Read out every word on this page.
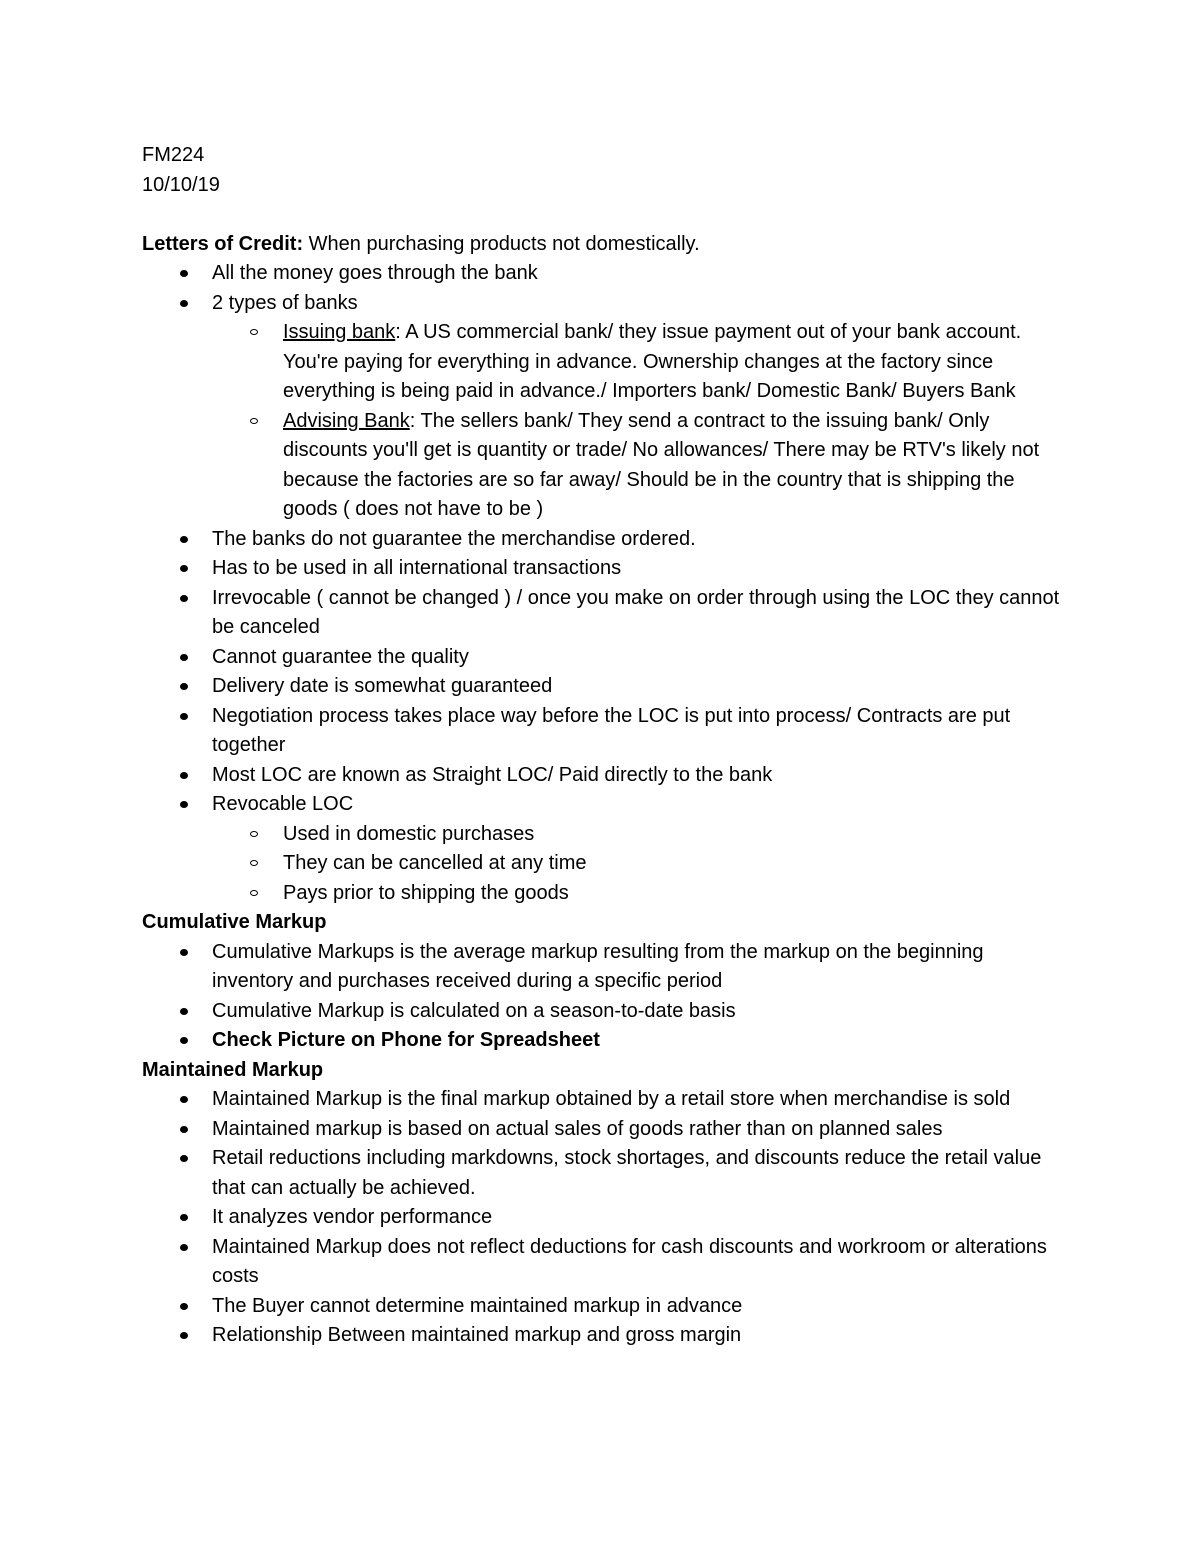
FM224

10/10/19

Letters of Credit: When purchasing products not domestically.

All the money goes through the bank
2 types of banks
Issuing bank: A US commercial bank/ they issue payment out of your bank account. You're paying for everything in advance. Ownership changes at the factory since everything is being paid in advance./ Importers bank/ Domestic Bank/ Buyers Bank
Advising Bank: The sellers bank/ They send a contract to the issuing bank/ Only discounts you'll get is quantity or trade/ No allowances/ There may be RTV's likely not because the factories are so far away/ Should be in the country that is shipping the goods ( does not have to be )
The banks do not guarantee the merchandise ordered.
Has to be used in all international transactions
Irrevocable ( cannot be changed ) / once you make on order through using the LOC they cannot be canceled
Cannot guarantee the quality
Delivery date is somewhat guaranteed
Negotiation process takes place way before the LOC is put into process/ Contracts are put together
Most LOC are known as Straight LOC/ Paid directly to the bank
Revocable LOC
Used in domestic purchases
They can be cancelled at any time
Pays prior to shipping the goods

Cumulative Markup

Cumulative Markups is the average markup resulting from the markup on the beginning inventory and purchases received during a specific period
Cumulative Markup is calculated on a season-to-date basis
Check Picture on Phone for Spreadsheet

Maintained Markup

Maintained Markup is the final markup obtained by a retail store when merchandise is sold
Maintained markup is based on actual sales of goods rather than on planned sales
Retail reductions including markdowns, stock shortages, and discounts reduce the retail value that can actually be achieved.
It analyzes vendor performance
Maintained Markup does not reflect deductions for cash discounts and workroom or alterations costs
The Buyer cannot determine maintained markup in advance
Relationship Between maintained markup and gross margin
